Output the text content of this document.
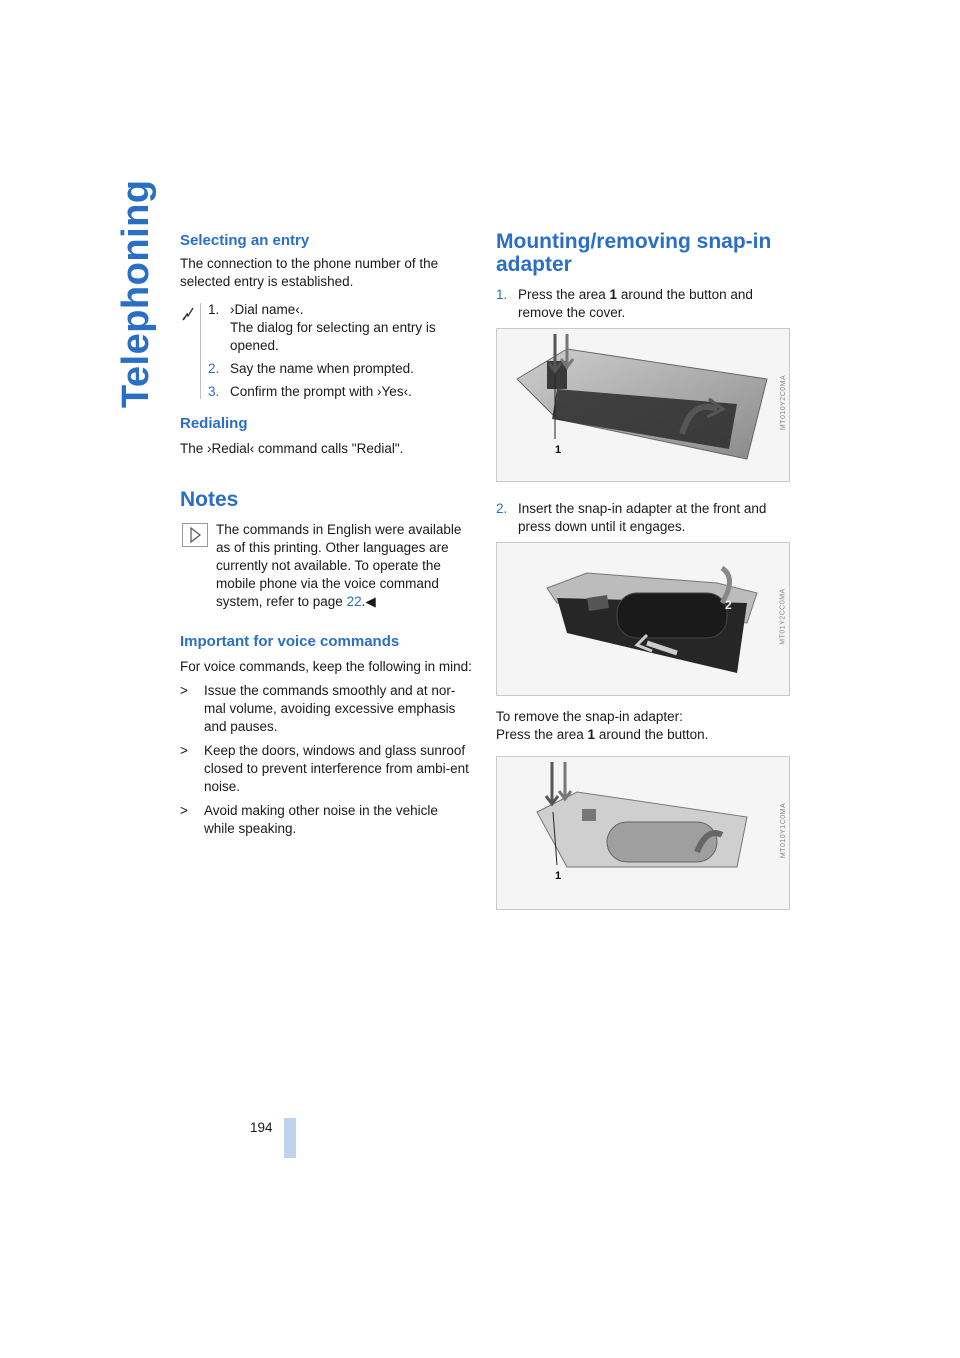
Telephoning Selecting an entry

The connection to the phone number of the selected entry is established.

1. ›Dial name‹.
The dialog for selecting an entry is opened.
2. Say the name when prompted.
3. Confirm the prompt with ›Yes‹.
Redialing

The ›Redial‹ command calls "Redial".

Notes

The commands in English were available as of this printing. Other languages are currently not available. To operate the mobile phone via the voice command system, refer to page 22.◀

Important for voice commands

For voice commands, keep the following in mind:

> Issue the commands smoothly and at nor-mal volume, avoiding excessive emphasis and pauses.
> Keep the doors, windows and glass sunroof closed to prevent interference from ambi-ent noise.
> Avoid making other noise in the vehicle while speaking.
Mounting/removing snap-in adapter
1. Press the area 1 around the button and remove the cover.
1
MT010Y2C0MA
2. Insert the snap-in adapter at the front and press down until it engages.
2	MT01Y2CC0MA

To remove the snap-in adapter:

Press the area 1 around the button.

1
MT010Y1C0MA
194
